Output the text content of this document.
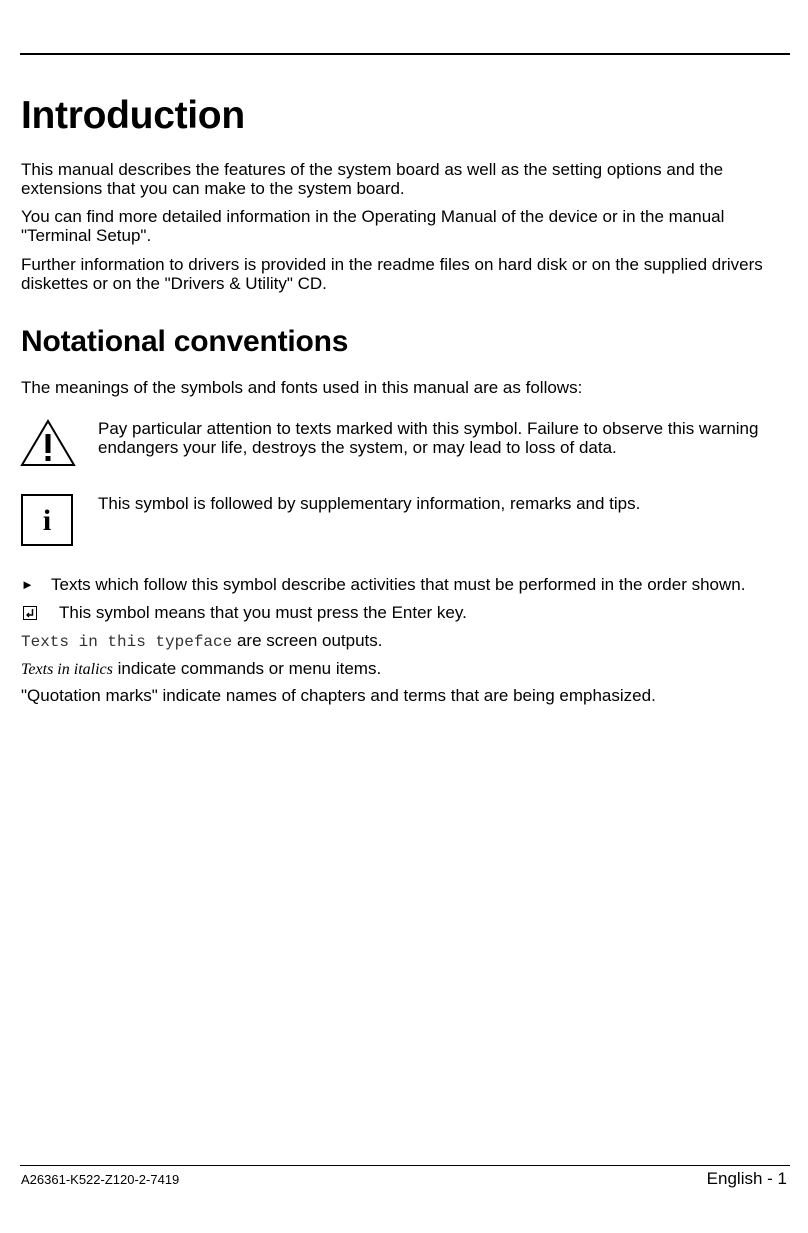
Introduction

This manual describes the features of the system board as well as the setting options and the extensions that you can make to the system board.

You can find more detailed information in the Operating Manual of the device or in the manual "Terminal Setup".

Further information to drivers is provided in the readme files on hard disk or on the supplied drivers diskettes or on the "Drivers & Utility" CD.

Notational conventions

The meanings of the symbols and fonts used in this manual are as follows:

Pay particular attention to texts marked with this symbol. Failure to observe this warning endangers your life, destroys the system, or may lead to loss of data.

i

This symbol is followed by supplementary information, remarks and tips.

► Texts which follow this symbol describe activities that must be performed in the order shown.
This symbol means that you must press the Enter key.
Texts in this typeface are screen outputs.
Texts in italics indicate commands or menu items.
"Quotation marks" indicate names of chapters and terms that are being emphasized.
A26361-K522-Z120-2-7419	English - 1
